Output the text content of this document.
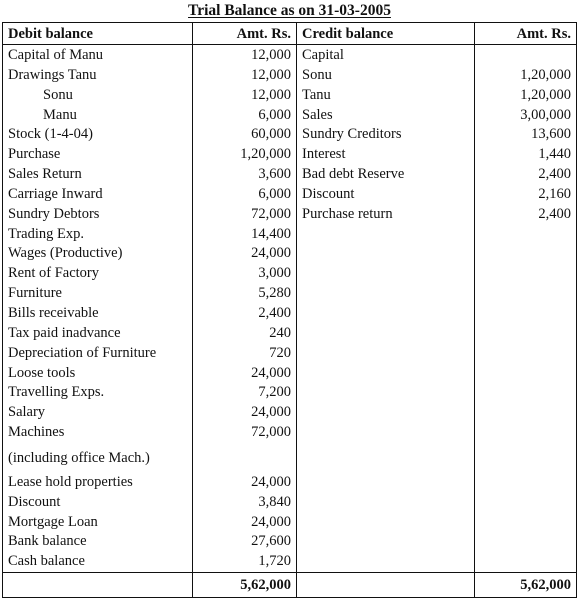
Trial Balance as on 31-03-2005
Debit balance	Amt. Rs.	Credit balance	Amt. Rs.
Capital of Manu	12,000	Capital	
Drawings Tanu	12,000	Sonu	1,20,000
Sonu	12,000	Tanu	1,20,000
Manu	6,000	Sales	3,00,000
Stock (1-4-04)	60,000	Sundry Creditors	13,600
Purchase	1,20,000	Interest	1,440
Sales Return	3,600	Bad debt Reserve	2,400
Carriage Inward	6,000	Discount	2,160
Sundry Debtors	72,000	Purchase return	2,400
Trading Exp.	14,400		
Wages (Productive)	24,000		
Rent of Factory	3,000		
Furniture	5,280		
Bills receivable	2,400		
Tax paid inadvance	240		
Depreciation of Furniture	720		
Loose tools	24,000		
Travelling Exps.	7,200		
Salary	24,000		
Machines	72,000		
(including office Mach.)			
Lease hold properties	24,000		
Discount	3,840		
Mortgage Loan	24,000		
Bank balance	27,600		
Cash balance	1,720		
	5,62,000		5,62,000
